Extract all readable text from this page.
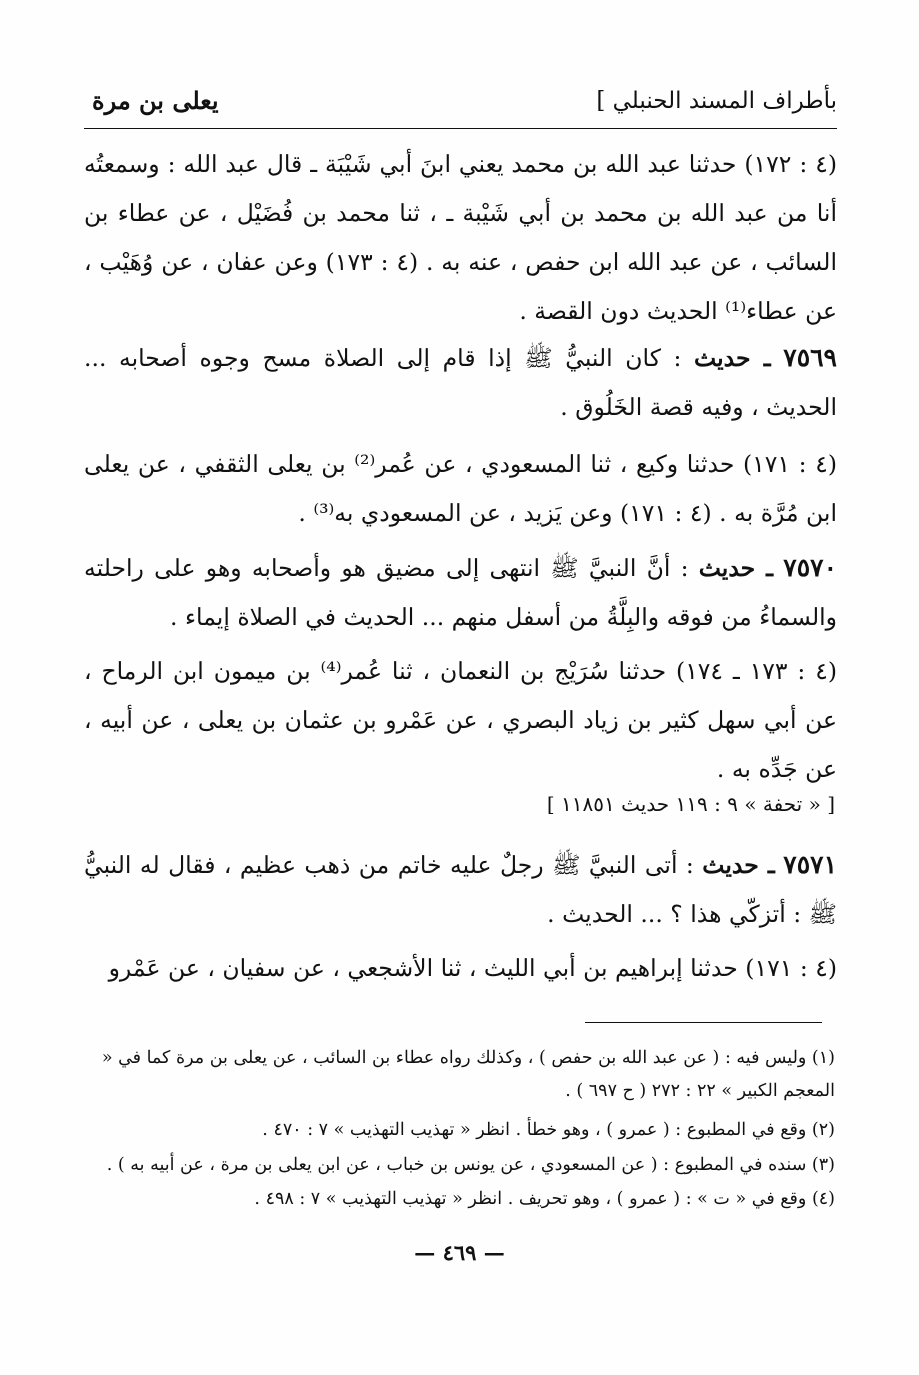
بأطراف المسند الحنبلي ]
يعلى بن مرة
(٤ : ١٧٢) حدثنا عبد الله بن محمد يعني ابنَ أبي شَيْبَة ـ قال عبد الله : وسمعتُه أنا من عبد الله بن محمد بن أبي شَيْبة ـ ، ثنا محمد بن فُضَيْل ، عن عطاء بن السائب ، عن عبد الله ابن حفص ، عنه به . (٤ : ١٧٣) وعن عفان ، عن وُهَيْب ، عن عطاء⁽¹⁾ الحديث دون القصة .
٧٥٦٩ ـ حديث : كان النبيُّ ﷺ إذا قام إلى الصلاة مسح وجوه أصحابه ... الحديث ، وفيه قصة الخَلُوق .
(٤ : ١٧١) حدثنا وكيع ، ثنا المسعودي ، عن عُمر⁽²⁾ بن يعلى الثقفي ، عن يعلى ابن مُرَّة به . (٤ : ١٧١) وعن يَزيد ، عن المسعودي به⁽³⁾ .
٧٥٧٠ ـ حديث : أنَّ النبيَّ ﷺ انتهى إلى مضيق هو وأصحابه وهو على راحلته والسماءُ من فوقه والبِلَّةُ من أسفل منهم ... الحديث في الصلاة إيماء .
(٤ : ١٧٣ ـ ١٧٤) حدثنا سُرَيْج بن النعمان ، ثنا عُمر⁽⁴⁾ بن ميمون ابن الرماح ، عن أبي سهل كثير بن زياد البصري ، عن عَمْرو بن عثمان بن يعلى ، عن أبيه ، عن جَدِّه به .
[ « تحفة » ٩ : ١١٩ حديث ١١٨٥١ ]
٧٥٧١ ـ حديث : أتى النبيَّ ﷺ رجلٌ عليه خاتم من ذهب عظيم ، فقال له النبيُّ ﷺ : أتزكّي هذا ؟ ... الحديث .
(٤ : ١٧١) حدثنا إبراهيم بن أبي الليث ، ثنا الأشجعي ، عن سفيان ، عن عَمْرو
(١) وليس فيه : ( عن عبد الله بن حفص ) ، وكذلك رواه عطاء بن السائب ، عن يعلى بن مرة كما في « المعجم الكبير » ٢٢ : ٢٧٢ ( ح ٦٩٧ ) .
(٢) وقع في المطبوع : ( عمرو ) ، وهو خطأ . انظر « تهذيب التهذيب » ٧ : ٤٧٠ .
(٣) سنده في المطبوع : ( عن المسعودي ، عن يونس بن خباب ، عن ابن يعلى بن مرة ، عن أبيه به ) .
(٤) وقع في « ت » : ( عمرو ) ، وهو تحريف . انظر « تهذيب التهذيب » ٧ : ٤٩٨ .
— ٤٦٩ —
